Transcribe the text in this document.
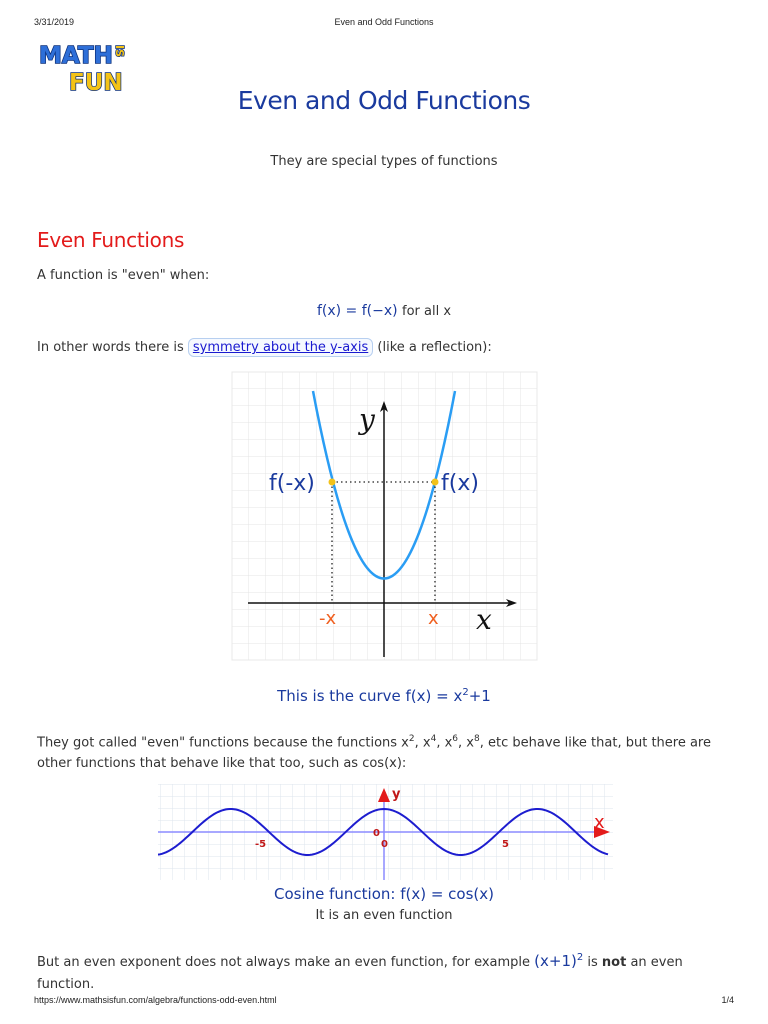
3/31/2019	Even and Odd Functions
MATH IS
FUN
Even and Odd Functions
They are special types of functions
Even Functions
A function is "even" when:
f(x) = f(−x) for all x
In other words there is symmetry about the y-axis (like a reflection):
f(-x)	f(x)
y
x
-x	x
This is the curve $f(x) = x^2+1$
They got called "even" functions because the functions $x^2$, $x^4$, $x^6$, $x^8$, etc behave like that, but there are other functions that behave like that too, such as cos(x):
y
x
-5	0	5
0
Cosine function: f(x) = cos(x)
It is an even function
But an even exponent does not always make an even function, for example $(x+1)^2$ is not an even function.
https://www.mathsisfun.com/algebra/functions-odd-even.html	1/4
